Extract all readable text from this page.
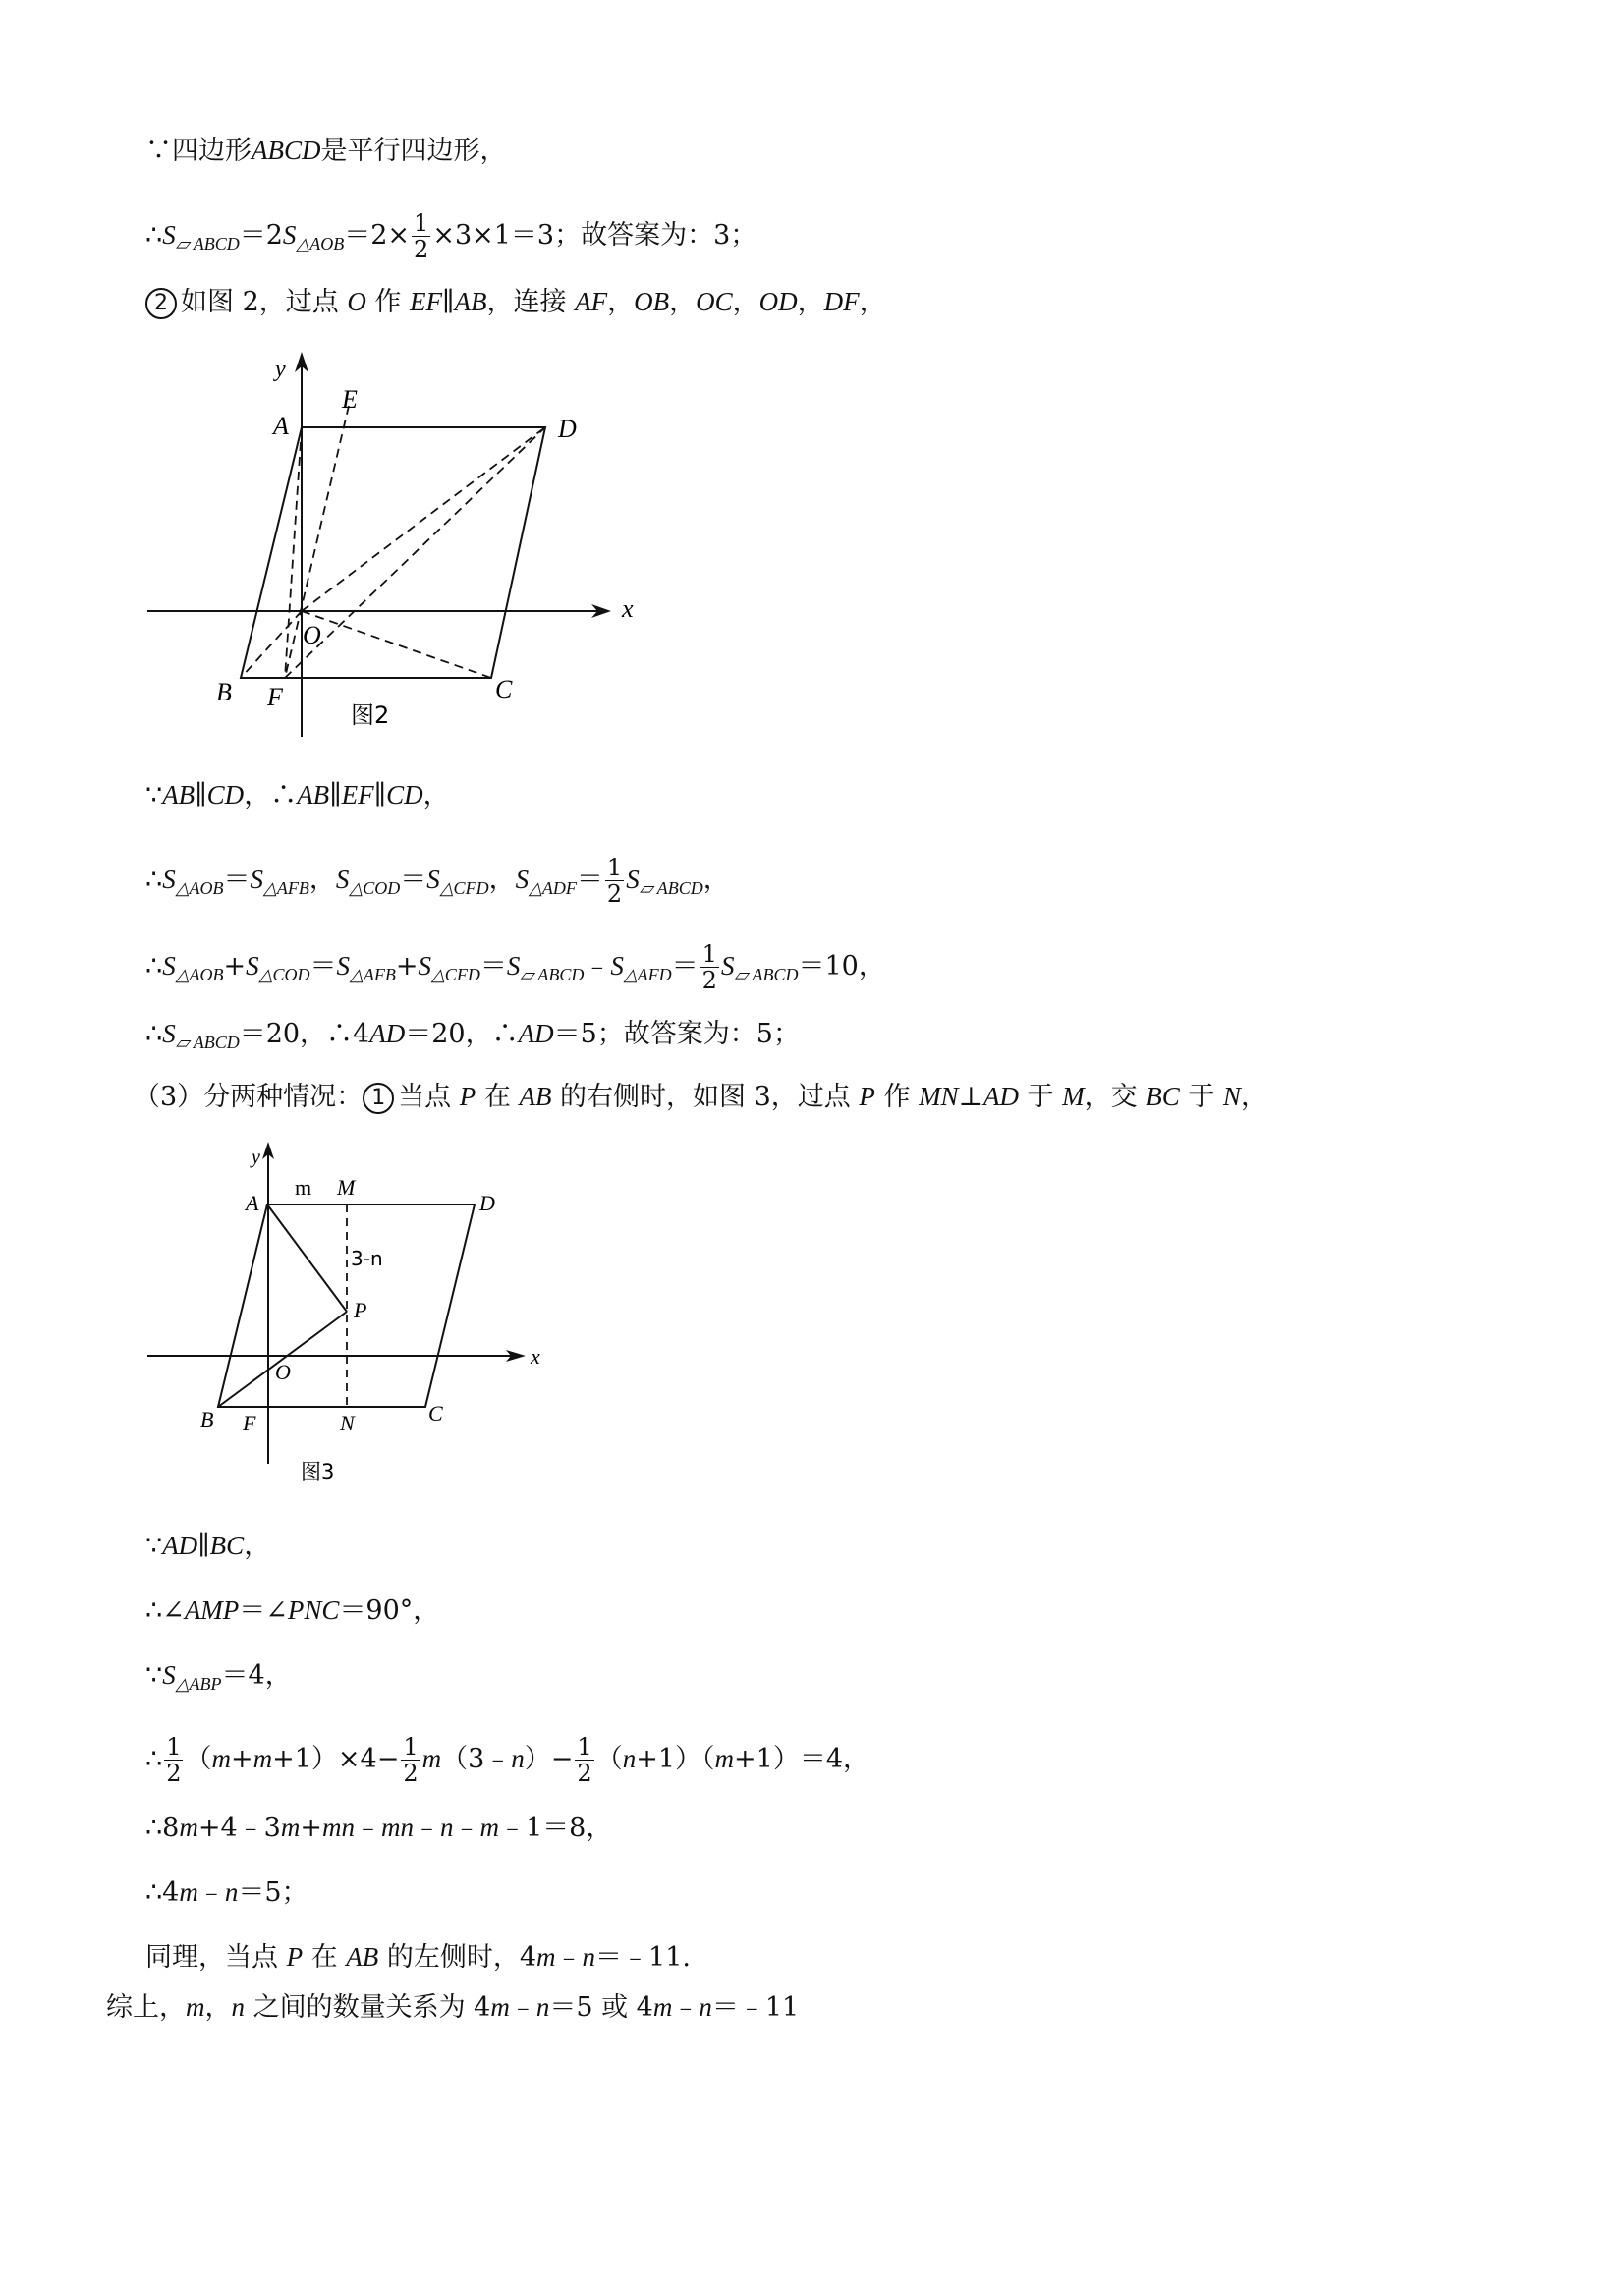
∵四边形ABCD是平行四边形，
$\therefore S_{▱ ABCD}=2S_{\triangle AOB}=2\times \frac{1}{2} \times 3\times 1=3$；故答案为：3；
2 如图 2，过点 O 作 EF∥AB，连接 AF，OB，OC，OD，DF，
y
x
A
E
D
O
B F	C
图2
∵AB∥CD，∴AB∥EF∥CD，
$\therefore S_{\triangle AOB}=S_{\triangle AFB}$，$S_{\triangle COD}=S_{\triangle CFD}$，$S_{\triangle ADF}= \frac{1}{2} S_{▱ ABCD}$，
$\therefore S_{\triangle AOB}+S_{\triangle COD}=S_{\triangle AFB}+S_{\triangle CFD}=S_{▱ ABCD}﹣S_{\triangle AFD}= \frac{1}{2} S_{▱ ABCD}=10$，
$\therefore S_{▱ ABCD}=20$，∴4AD＝20，∴AD＝5；故答案为：5；
（3）分两种情况： 1 当点 P 在 AB 的右侧时，如图 3，过点 P 作 MN⊥AD 于 M，交 BC 于 N，
y
x
A
m M
D
3-n
P
O
B F	N	C
图3
∵AD∥BC，
∴∠AMP＝∠PNC＝90°，
$\because S_{\triangle ABP}=4$，
∴ $\frac{1}{2} (m+m+1)\times 4- \frac{1}{2}$ m（3﹣n）− $\frac{1}{2} (n+1)(m+1)=4$，
∴8m+4﹣3m+mn﹣mn﹣n﹣m﹣1＝8，
∴4m﹣n＝5；
同理，当点 P 在 AB 的左侧时，4m﹣n＝﹣11.
综上，m，n 之间的数量关系为 4m﹣n＝5 或 4m﹣n＝﹣11
